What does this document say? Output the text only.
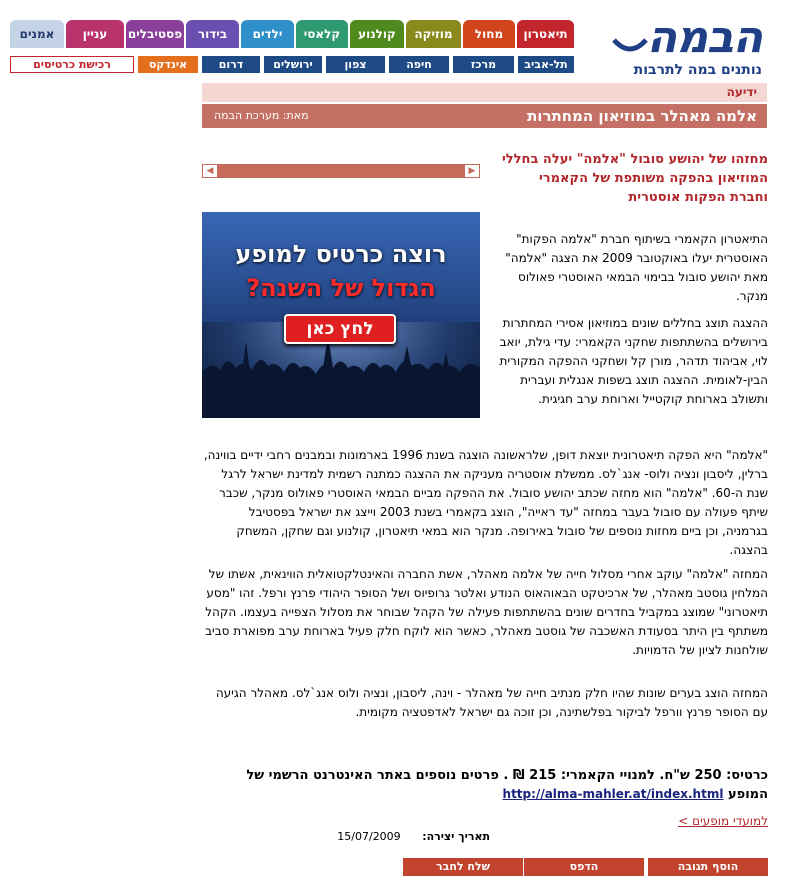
הבמה
נותנים במה לתרבות
תיאטרון
מחול
מוזיקה
קולנוע
קלאסי
ילדים
בידור
פסטיבלים
עניין
אמנים
תל-אביב
מרכז
חיפה
צפון
ירושלים
דרום
אינדקס
רכישת כרטיסים
ידיעה
אלמה מאהלר במוזיאון המחתרות
מאת: מערכת הבמה
מחזהו של יהושע סובול "אלמה" יעלה בחללי המוזיאון בהפקה משותפת של הקאמרי וחברת הפקות אוסטרית
◀	▶
רוצה כרטיס למופע
הגדול של השנה?
לחץ כאן
התיאטרון הקאמרי בשיתוף חברת "אלמה הפקות" האוסטרית יעלו באוקטובר 2009 את הצגה "אלמה" מאת יהושע סובול בבימוי הבמאי האוסטרי פאולוס מנקר.
ההצגה תוצג בחללים שונים במוזיאון אסירי המחתרות בירושלים בהשתתפות שחקני הקאמרי: עדי גילת, יואב לוי, אביהוד תדהר, מורן קל ושחקני ההפקה המקורית הבין-לאומית. ההצגה תוצג בשפות אנגלית ועברית ותשולב בארוחת קוקטייל וארוחת ערב חגיגית.
"אלמה" היא הפקה תיאטרונית יוצאת דופן, שלראשונה הוצגה בשנת 1996 בארמונות ובמבנים רחבי ידיים בווינה, ברלין, ליסבון ונציה ולוס- אנג`לס. ממשלת אוסטריה מעניקה את ההצגה כמתנה רשמית למדינת ישראל לרגל שנת ה-60. "אלמה" הוא מחזה שכתב יהושע סובול. את ההפקה מביים הבמאי האוסטרי פאולוס מנקר, שכבר שיתף פעולה עם סובול בעבר במחזה "עד ראייה", הוצג בקאמרי בשנת 2003 וייצג את ישראל בפסטיבל בגרמניה, וכן ביים מחזות נוספים של סובול באירופה. מנקר הוא במאי תיאטרון, קולנוע וגם שחקן, המשחק בהצגה.
המחזה "אלמה" עוקב אחרי מסלול חייה של אלמה מאהלר, אשת החברה והאינטלקטואלית הווינאית, אשתו של המלחין גוסטב מאהלר, של ארכיטקט הבאוהאוס הנודע ואלטר גרופיוס ושל הסופר היהודי פרנץ ורפל. זהו "מסע תיאטרוני" שמוצג במקביל בחדרים שונים בהשתתפות פעילה של הקהל שבוחר את מסלול הצפייה בעצמו. הקהל משתתף בין היתר בסעודת האשכבה של גוסטב מאהלר, כאשר הוא לוקח חלק פעיל בארוחת ערב מפוארת סביב שולחנות לציון של הדמויות.
המחזה הוצג בערים שונות שהיו חלק מנתיב חייה של מאהלר - וינה, ליסבון, ונציה ולוס אנג`לס. מאהלר הגיעה עם הסופר פרנץ וורפל לביקור בפלשתינה, וכן זוכה גם ישראל לאדפטציה מקומית.
כרטיס: 250 ש"ח. למנויי הקאמרי: 215 ₪ . פרטים נוספים באתר האינטרנט הרשמי של המופע http://alma-mahler.at/index.html
למועדי מופעים >
תאריך יצירה: 15/07/2009
הוסף תגובה
הדפס
שלח לחבר
